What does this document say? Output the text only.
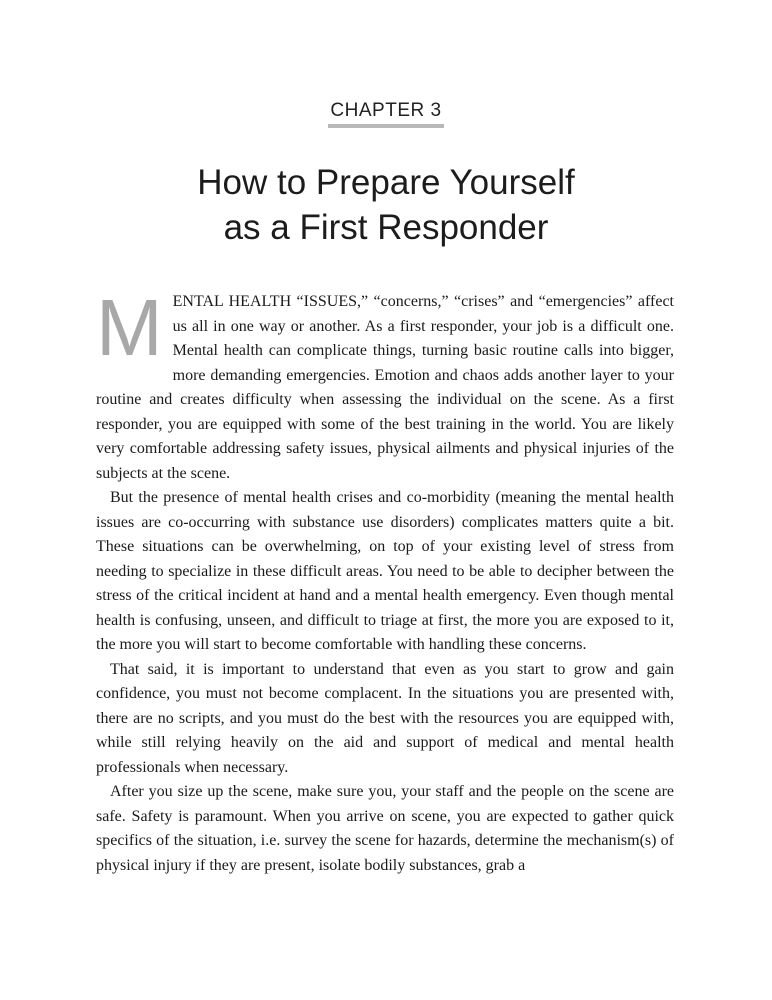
CHAPTER 3
How to Prepare Yourself
as a First Responder

M ENTAL HEALTH “ISSUES,” “concerns,” “crises” and “emergencies” affect us all in one way or another. As a first responder, your job is a difficult one. Mental health can complicate things, turning basic routine calls into bigger, more demanding emergencies. Emotion and chaos adds another layer to your routine and creates difficulty when assessing the individual on the scene. As a first responder, you are equipped with some of the best training in the world. You are likely very comfortable addressing safety issues, physical ailments and physical injuries of the subjects at the scene.

But the presence of mental health crises and co-morbidity (meaning the mental health issues are co-occurring with substance use disorders) complicates matters quite a bit. These situations can be overwhelming, on top of your existing level of stress from needing to specialize in these difficult areas. You need to be able to decipher between the stress of the critical incident at hand and a mental health emergency. Even though mental health is confusing, unseen, and difficult to triage at first, the more you are exposed to it, the more you will start to become comfortable with handling these concerns.

That said, it is important to understand that even as you start to grow and gain confidence, you must not become complacent. In the situations you are presented with, there are no scripts, and you must do the best with the resources you are equipped with, while still relying heavily on the aid and support of medical and mental health professionals when necessary.

After you size up the scene, make sure you, your staff and the people on the scene are safe. Safety is paramount. When you arrive on scene, you are expected to gather quick specifics of the situation, i.e. survey the scene for hazards, determine the mechanism(s) of physical injury if they are present, isolate bodily substances, grab a
